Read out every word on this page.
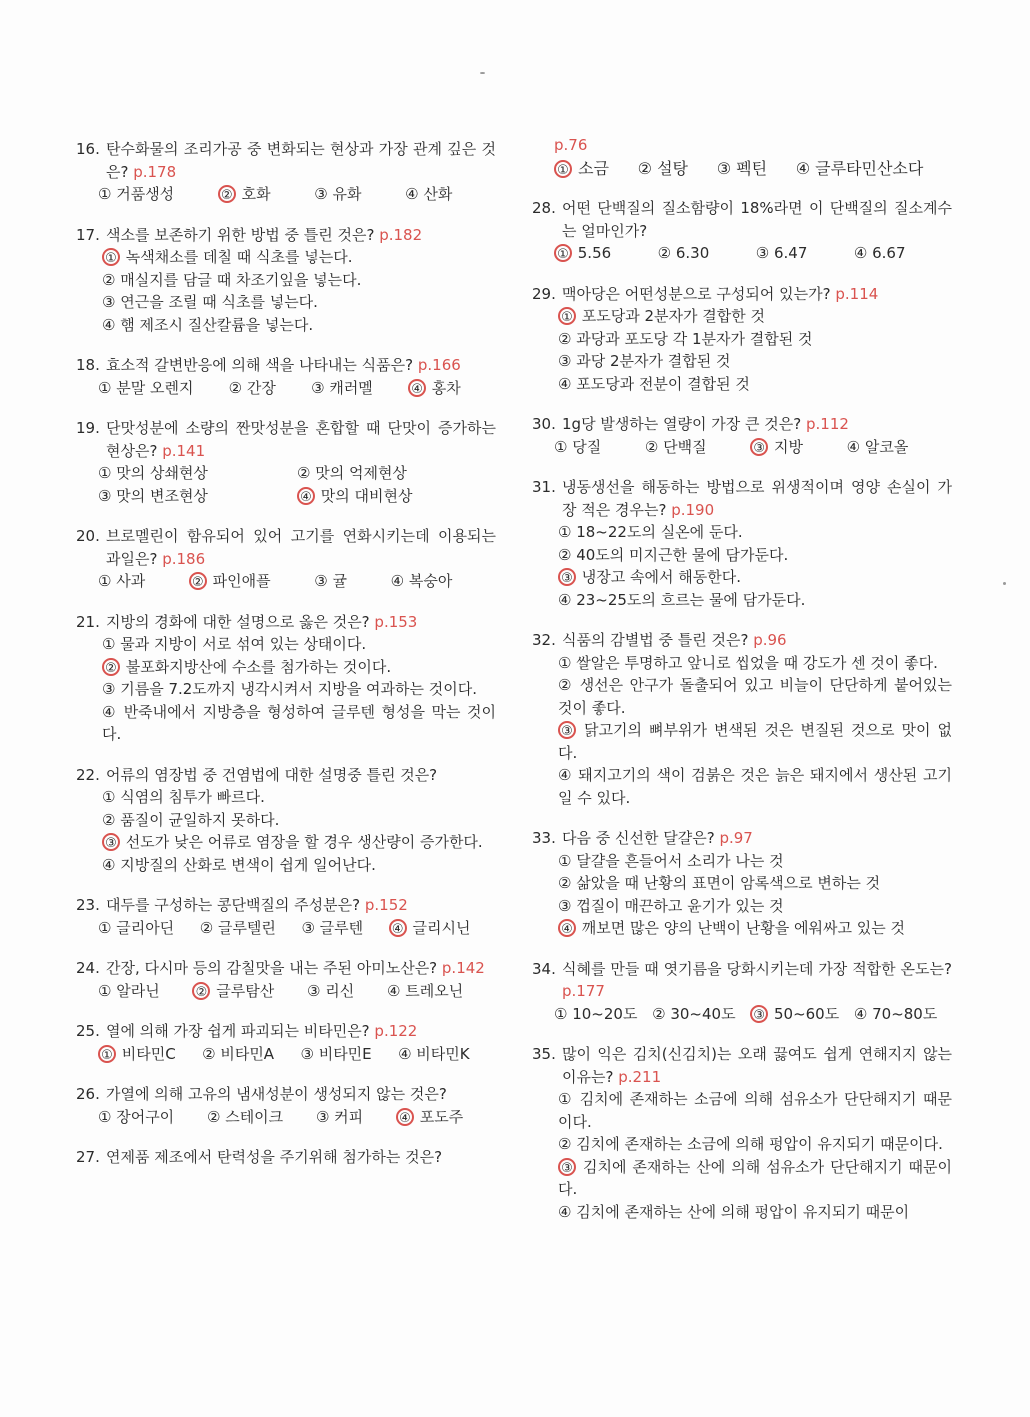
16. 탄수화물의 조리가공 중 변화되는 현상과 가장 관계 깊은 것은? p.178
① 거품생성	② 호화	③ 유화	④ 산화
17. 색소를 보존하기 위한 방법 중 틀린 것은? p.182
① 녹색채소를 데칠 때 식초를 넣는다.
② 매실지를 담글 때 차조기잎을 넣는다.
③ 연근을 조릴 때 식초를 넣는다.
④ 햄 제조시 질산칼륨을 넣는다.
18. 효소적 갈변반응에 의해 색을 나타내는 식품은? p.166
① 분말 오렌지	② 간장	③ 캐러멜	④ 홍차
19. 단맛성분에 소량의 짠맛성분을 혼합할 때 단맛이 증가하는 현상은? p.141
① 맛의 상쇄현상	② 맛의 억제현상
③ 맛의 변조현상	④ 맛의 대비현상
20. 브로멜린이 함유되어 있어 고기를 연화시키는데 이용되는 과일은? p.186
① 사과	② 파인애플	③ 귤	④ 복숭아
21. 지방의 경화에 대한 설명으로 옳은 것은? p.153
① 물과 지방이 서로 섞여 있는 상태이다.
② 불포화지방산에 수소를 첨가하는 것이다.
③ 기름을 7.2도까지 냉각시켜서 지방을 여과하는 것이다.
④ 반죽내에서 지방층을 형성하여 글루텐 형성을 막는 것이다.
22. 어류의 염장법 중 건염법에 대한 설명중 틀린 것은?
① 식염의 침투가 빠르다.
② 품질이 균일하지 못하다.
③ 선도가 낮은 어류로 염장을 할 경우 생산량이 증가한다.
④ 지방질의 산화로 변색이 쉽게 일어난다.
23. 대두를 구성하는 콩단백질의 주성분은? p.152
① 글리아딘	② 글루텔린	③ 글루텐	④ 글리시닌
24. 간장, 다시마 등의 감칠맛을 내는 주된 아미노산은? p.142
① 알라닌	② 글루탐산	③ 리신	④ 트레오닌
25. 열에 의해 가장 쉽게 파괴되는 비타민은? p.122
① 비타민C	② 비타민A	③ 비타민E	④ 비타민K
26. 가열에 의해 고유의 냄새성분이 생성되지 않는 것은?
① 장어구이	② 스테이크	③ 커피	④ 포도주
27. 연제품 제조에서 탄력성을 주기위해 첨가하는 것은?
p.76
① 소금	② 설탕	③ 펙틴	④ 글루타민산소다
28. 어떤 단백질의 질소함량이 18%라면 이 단백질의 질소계수는 얼마인가?
① 5.56	② 6.30	③ 6.47	④ 6.67
29. 맥아당은 어떤성분으로 구성되어 있는가? p.114
① 포도당과 2분자가 결합한 것
② 과당과 포도당 각 1분자가 결합된 것
③ 과당 2분자가 결합된 것
④ 포도당과 전분이 결합된 것
30. 1g당 발생하는 열량이 가장 큰 것은? p.112
① 당질	② 단백질	③ 지방	④ 알코올
31. 냉동생선을 해동하는 방법으로 위생적이며 영양 손실이 가장 적은 경우는? p.190
① 18~22도의 실온에 둔다.
② 40도의 미지근한 물에 담가둔다.
③ 냉장고 속에서 해동한다.
④ 23~25도의 흐르는 물에 담가둔다.
32. 식품의 감별법 중 틀린 것은? p.96
① 쌀알은 투명하고 앞니로 씹었을 때 강도가 센 것이 좋다.
② 생선은 안구가 돌출되어 있고 비늘이 단단하게 붙어있는 것이 좋다.
③ 닭고기의 뼈부위가 변색된 것은 변질된 것으로 맛이 없다.
④ 돼지고기의 색이 검붉은 것은 늙은 돼지에서 생산된 고기일 수 있다.
33. 다음 중 신선한 달걀은? p.97
① 달걀을 흔들어서 소리가 나는 것
② 삶았을 때 난황의 표면이 암록색으로 변하는 것
③ 껍질이 매끈하고 윤기가 있는 것
④ 깨보면 많은 양의 난백이 난황을 에워싸고 있는 것
34. 식혜를 만들 때 엿기름을 당화시키는데 가장 적합한 온도는? p.177
① 10~20도 ② 30~40도	③ 50~60도 ④ 70~80도
35. 많이 익은 김치(신김치)는 오래 끓여도 쉽게 연해지지 않는 이유는? p.211
① 김치에 존재하는 소금에 의해 섬유소가 단단해지기 때문이다.
② 김치에 존재하는 소금에 의해 펑압이 유지되기 때문이다.
③ 김치에 존재하는 산에 의해 섬유소가 단단해지기 때문이다.
④ 김치에 존재하는 산에 의해 펑압이 유지되기 때문이
